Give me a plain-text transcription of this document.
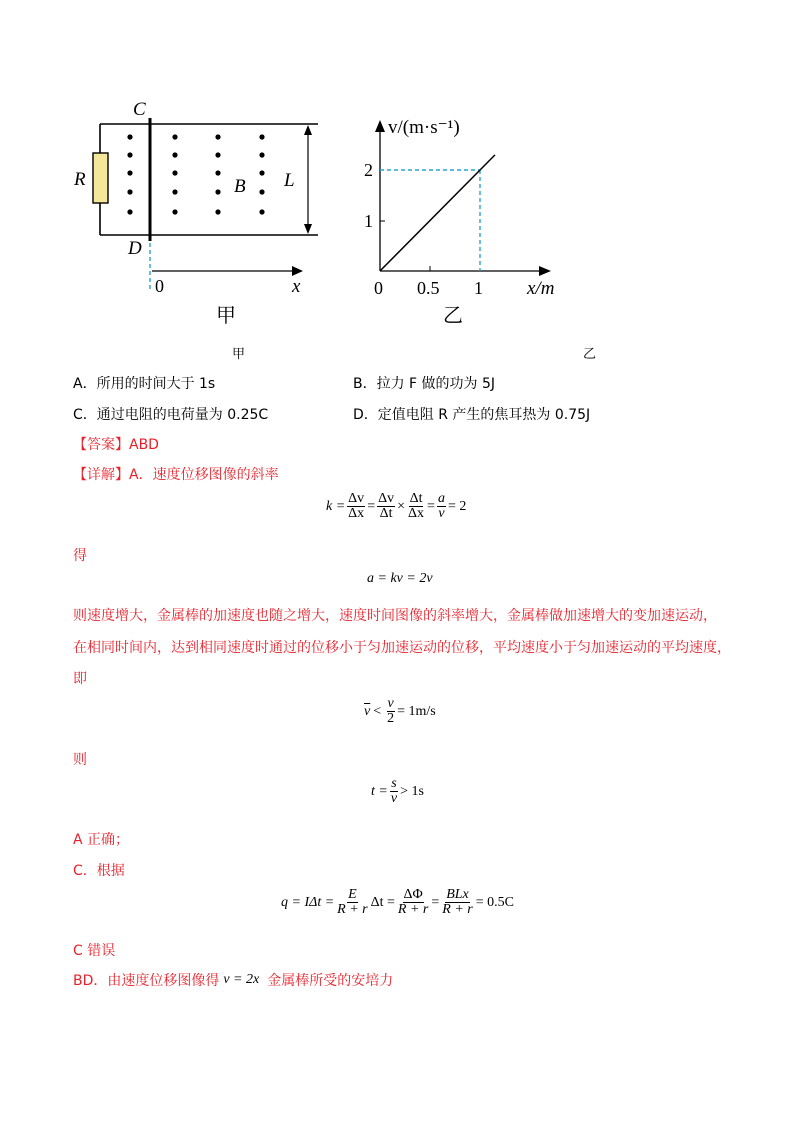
C
D
R	B L
0	x
甲
v/(m·s⁻¹)
2
1
0 0.5 1 x/m
乙
甲	乙
A．所用的时间大于 1s	B．拉力 F 做的功为 5J
C．通过电阻的电荷量为 0.25C	D．定值电阻 R 产生的焦耳热为 0.75J
【答案】ABD
【详解】A．速度位移图像的斜率
$k = \frac{\Delta v}{\Delta x} = \frac{\Delta v}{\Delta t} \times \frac{\Delta t}{\Delta x} = \frac{a}{v} = 2$
得
a = kv = 2v
则速度增大，金属棒的加速度也随之增大，速度时间图像的斜率增大，金属棒做加速增大的变加速运动，
在相同时间内，达到相同速度时通过的位移小于匀加速运动的位移，平均速度小于匀加速运动的平均速度，
即
$\overline{v} < \frac{v}{2} = 1m/s$
则
$t = \frac{s}{v} > 1s$
A 正确；
C．根据
$q = I\Delta t = \frac{E}{R + r}$ $\Delta t = \frac{\Delta\Phi}{R + r} = \frac{\text{BLx}}{R + r} = 0.5C$
C 错误
BD．由速度位移图像得 v = 2x 金属棒所受的安培力
